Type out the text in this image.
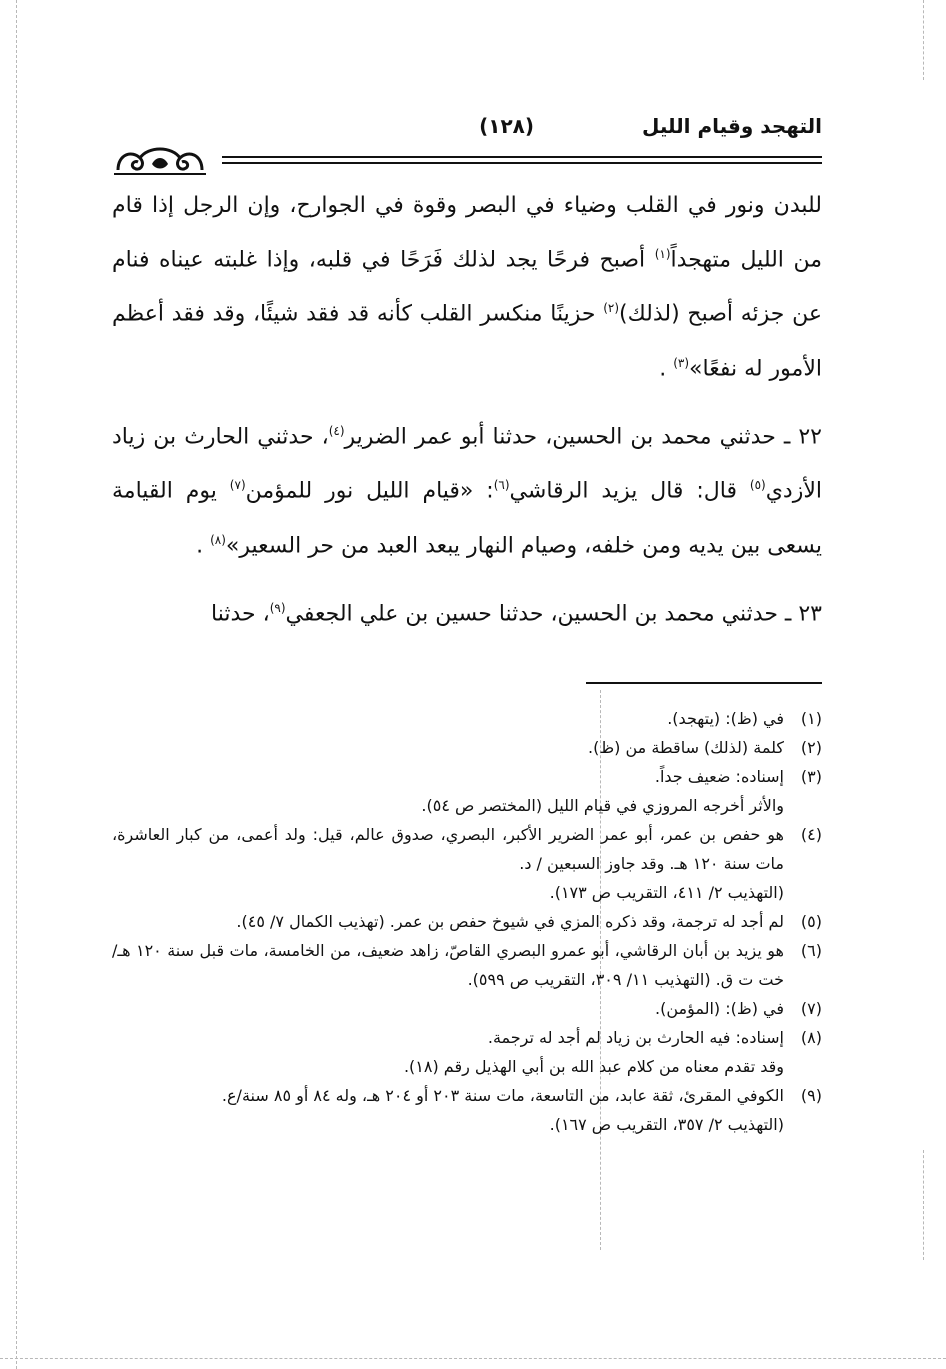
التهجد وقيام الليل
(١٢٨)

للبدن ونور في القلب وضياء في البصر وقوة في الجوارح، وإن الرجل إذا قام من الليل متهجداً$^{(١)}$ أصبح فرحًا يجد لذلك فَرَحًا في قلبه، وإذا غلبته عيناه فنام عن جزئه أصبح (لذلك)$^{(٢)}$ حزينًا منكسر القلب كأنه قد فقد شيئًا، وقد فقد أعظم الأمور له نفعًا»$^{(٣)}$ .

٢٢ ـ حدثني محمد بن الحسين، حدثنا أبو عمر الضرير$^{(٤)}$، حدثني الحارث بن زياد الأزدي$^{(٥)}$ قال: قال يزيد الرقاشي$^{(٦)}$: «قيام الليل نور للمؤمن$^{(٧)}$ يوم القيامة يسعى بين يديه ومن خلفه، وصيام النهار يبعد العبد من حر السعير»$^{(٨)}$ .

٢٣ ـ حدثني محمد بن الحسين، حدثنا حسين بن علي الجعفي$^{(٩)}$، حدثنا

(١)
في (ظ): (يتهجد).
(٢)
كلمة (لذلك) ساقطة من (ظ).
(٣)
إسناده: ضعيف جداً.
والأثر أخرجه المروزي في قيام الليل (المختصر ص ٥٤).
(٤)
هو حفص بن عمر، أبو عمر الضرير الأكبر، البصري، صدوق عالم، قيل: ولد أعمى، من كبار العاشرة، مات سنة ١٢٠ هـ. وقد جاوز السبعين / د.
(التهذيب ٢/ ٤١١، التقريب ص ١٧٣).
(٥)
لم أجد له ترجمة، وقد ذكره المزي في شيوخ حفص بن عمر. (تهذيب الكمال ٧/ ٤٥).
(٦)
هو يزيد بن أبان الرقاشي، أبو عمرو البصري القاصّ، زاهد ضعيف، من الخامسة، مات قبل سنة ١٢٠ هـ/ خت ت ق. (التهذيب ١١/ ٣٠٩، التقريب ص ٥٩٩).
(٧)
في (ظ): (المؤمن).
(٨)
إسناده: فيه الحارث بن زياد لم أجد له ترجمة.
وقد تقدم معناه من كلام عبد الله بن أبي الهذيل رقم (١٨).
(٩)
الكوفي المقرئ، ثقة عابد، من التاسعة، مات سنة ٢٠٣ أو ٢٠٤ هـ، وله ٨٤ أو ٨٥ سنة/ع.
(التهذيب ٢/ ٣٥٧، التقريب ص ١٦٧).
